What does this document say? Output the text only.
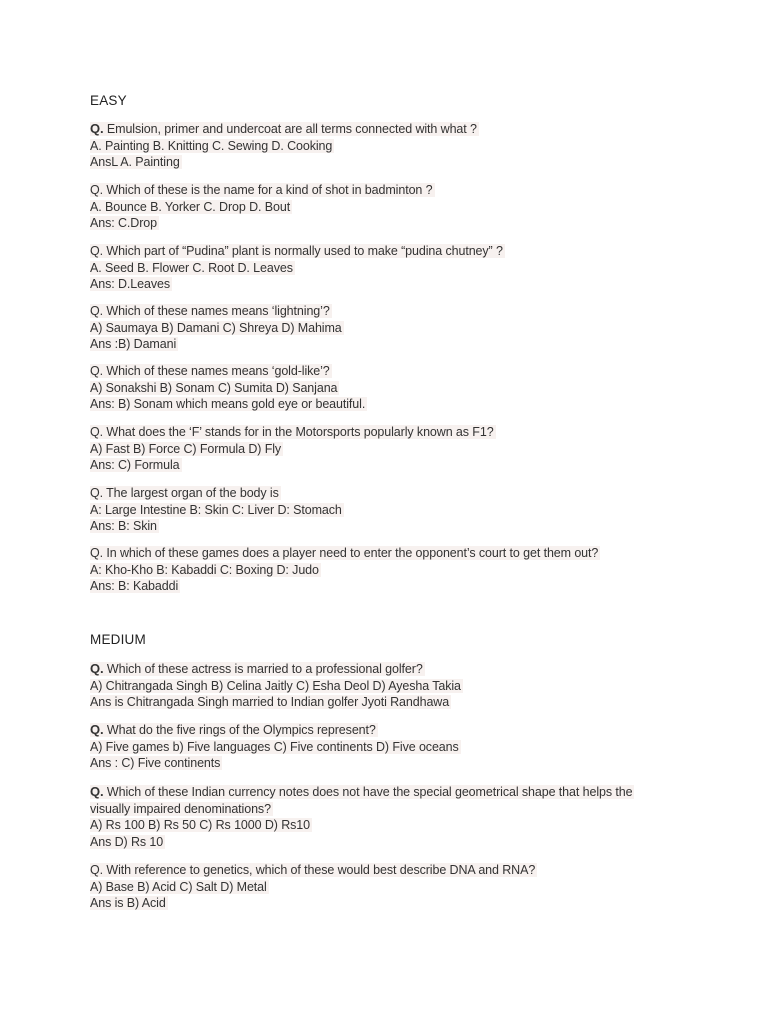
EASY
Q. Emulsion, primer and undercoat are all terms connected with what ?
A. Painting B. Knitting C. Sewing D. Cooking
AnsL A. Painting
Q. Which of these is the name for a kind of shot in badminton ?
A. Bounce B. Yorker C. Drop D. Bout
Ans: C.Drop
Q. Which part of “Pudina” plant is normally used to make “pudina chutney” ?
A. Seed B. Flower C. Root D. Leaves
Ans: D.Leaves
Q. Which of these names means ‘lightning’?
A) Saumaya B) Damani C) Shreya D) Mahima
Ans :B) Damani
Q. Which of these names means ‘gold-like’?
A) Sonakshi B) Sonam C) Sumita D) Sanjana
Ans: B) Sonam which means gold eye or beautiful.
Q. What does the ‘F’ stands for in the Motorsports popularly known as F1?
A) Fast B) Force C) Formula D) Fly
Ans: C) Formula
Q. The largest organ of the body is
A: Large Intestine B: Skin C: Liver D: Stomach
Ans: B: Skin
Q. In which of these games does a player need to enter the opponent’s court to get them out?
A: Kho-Kho B: Kabaddi C: Boxing D: Judo
Ans: B: Kabaddi
MEDIUM
Q. Which of these actress is married to a professional golfer?
A) Chitrangada Singh B) Celina Jaitly C) Esha Deol D) Ayesha Takia
Ans is Chitrangada Singh married to Indian golfer Jyoti Randhawa
Q. What do the five rings of the Olympics represent?
A) Five games b) Five languages C) Five continents D) Five oceans
Ans : C) Five continents
Q. Which of these Indian currency notes does not have the special geometrical shape that helps the
visually impaired denominations?
A) Rs 100 B) Rs 50 C) Rs 1000 D) Rs10
Ans D) Rs 10
Q. With reference to genetics, which of these would best describe DNA and RNA?
A) Base B) Acid C) Salt D) Metal
Ans is B) Acid
